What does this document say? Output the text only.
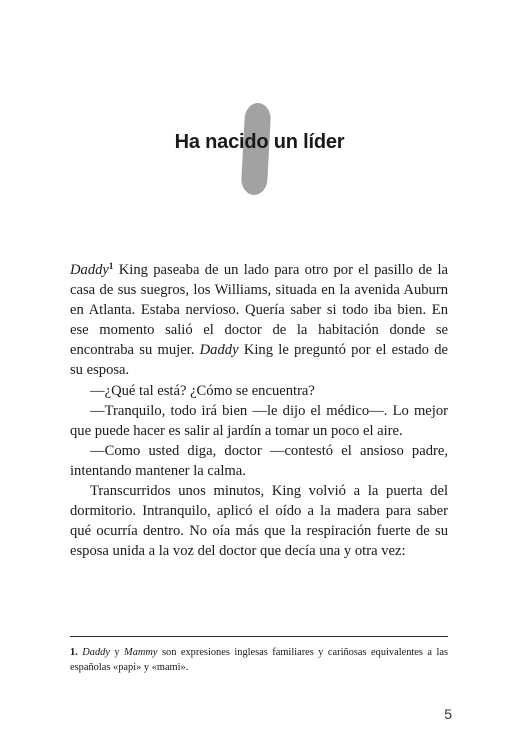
Ha nacido un líder

Daddy$^1$ King paseaba de un lado para otro por el pasillo de la casa de sus suegros, los Williams, situada en la avenida Auburn en Atlanta. Estaba nervioso. Quería saber si todo iba bien. En ese momento salió el doctor de la habitación donde se encontraba su mujer. Daddy King le preguntó por el estado de su esposa.

—¿Qué tal está? ¿Cómo se encuentra?

—Tranquilo, todo irá bien —le dijo el médico—. Lo mejor que puede hacer es salir al jardín a tomar un poco el aire.

—Como usted diga, doctor —contestó el ansioso padre, intentando mantener la calma.

Transcurridos unos minutos, King volvió a la puerta del dormitorio. Intranquilo, aplicó el oído a la madera para saber qué ocurría dentro. No oía más que la respiración fuerte de su esposa unida a la voz del doctor que decía una y otra vez:

1. Daddy y Mammy son expresiones inglesas familiares y cariñosas equivalentes a las españolas «papi» y «mami».
5
